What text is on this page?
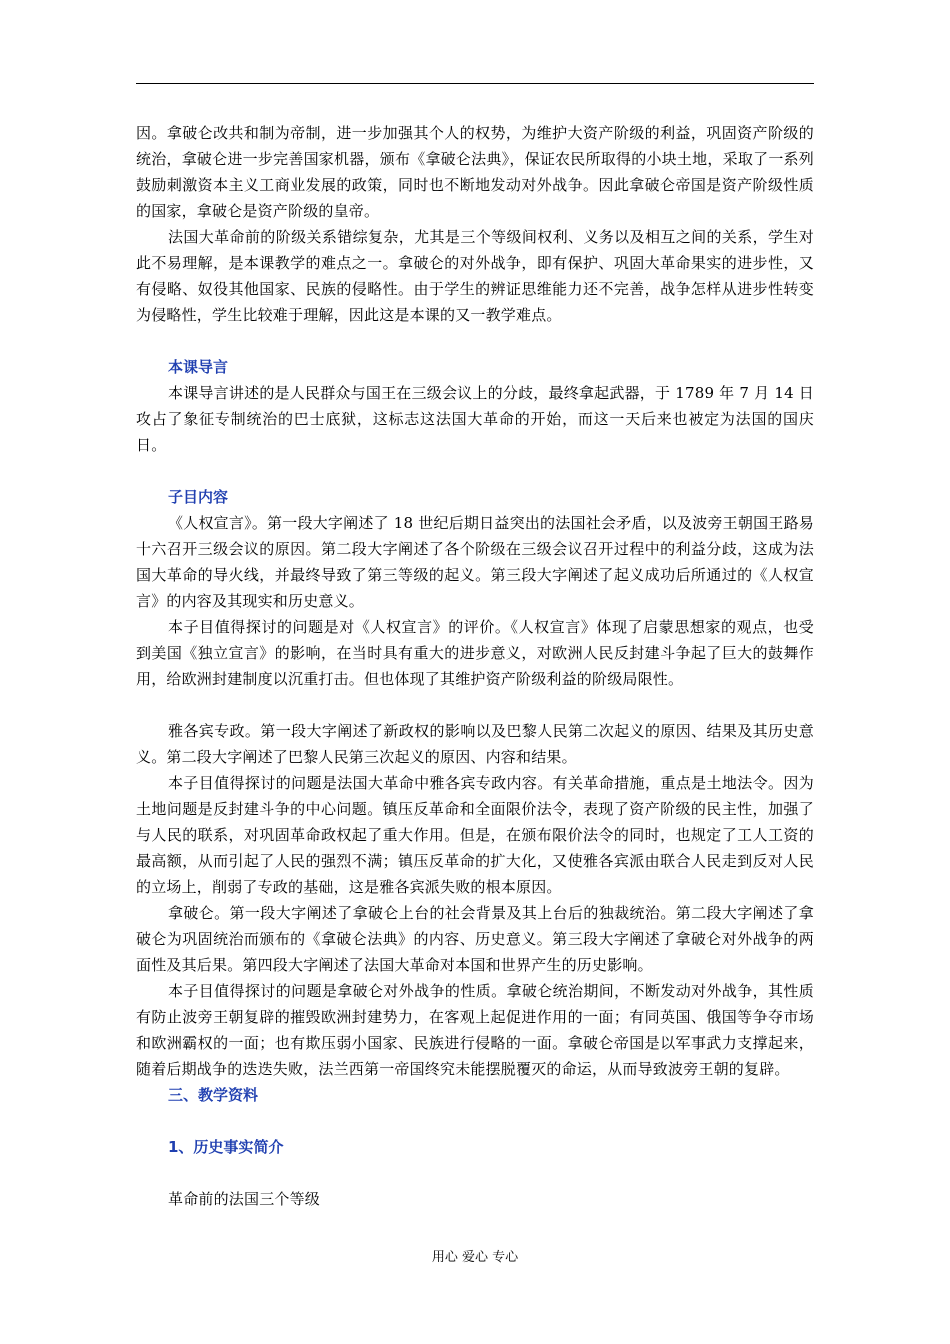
因。拿破仑改共和制为帝制，进一步加强其个人的权势，为维护大资产阶级的利益，巩固资产阶级的统治，拿破仑进一步完善国家机器，颁布《拿破仑法典》，保证农民所取得的小块土地，采取了一系列鼓励刺激资本主义工商业发展的政策，同时也不断地发动对外战争。因此拿破仑帝国是资产阶级性质的国家，拿破仑是资产阶级的皇帝。

法国大革命前的阶级关系错综复杂，尤其是三个等级间权利、义务以及相互之间的关系，学生对此不易理解，是本课教学的难点之一。拿破仑的对外战争，即有保护、巩固大革命果实的进步性，又有侵略、奴役其他国家、民族的侵略性。由于学生的辨证思维能力还不完善，战争怎样从进步性转变为侵略性，学生比较难于理解，因此这是本课的又一教学难点。

本课导言

本课导言讲述的是人民群众与国王在三级会议上的分歧，最终拿起武器，于 1789 年 7 月 14 日攻占了象征专制统治的巴士底狱，这标志这法国大革命的开始，而这一天后来也被定为法国的国庆日。

子目内容

《人权宣言》。第一段大字阐述了 18 世纪后期日益突出的法国社会矛盾，以及波旁王朝国王路易十六召开三级会议的原因。第二段大字阐述了各个阶级在三级会议召开过程中的利益分歧，这成为法国大革命的导火线，并最终导致了第三等级的起义。第三段大字阐述了起义成功后所通过的《人权宣言》的内容及其现实和历史意义。

本子目值得探讨的问题是对《人权宣言》的评价。《人权宣言》体现了启蒙思想家的观点，也受到美国《独立宣言》的影响，在当时具有重大的进步意义，对欧洲人民反封建斗争起了巨大的鼓舞作用，给欧洲封建制度以沉重打击。但也体现了其维护资产阶级利益的阶级局限性。

雅各宾专政。第一段大字阐述了新政权的影响以及巴黎人民第二次起义的原因、结果及其历史意义。第二段大字阐述了巴黎人民第三次起义的原因、内容和结果。

本子目值得探讨的问题是法国大革命中雅各宾专政内容。有关革命措施，重点是土地法令。因为土地问题是反封建斗争的中心问题。镇压反革命和全面限价法令，表现了资产阶级的民主性，加强了与人民的联系，对巩固革命政权起了重大作用。但是，在颁布限价法令的同时，也规定了工人工资的最高额，从而引起了人民的强烈不满；镇压反革命的扩大化，又使雅各宾派由联合人民走到反对人民的立场上，削弱了专政的基础，这是雅各宾派失败的根本原因。

拿破仑。第一段大字阐述了拿破仑上台的社会背景及其上台后的独裁统治。第二段大字阐述了拿破仑为巩固统治而颁布的《拿破仑法典》的内容、历史意义。第三段大字阐述了拿破仑对外战争的两面性及其后果。第四段大字阐述了法国大革命对本国和世界产生的历史影响。

本子目值得探讨的问题是拿破仑对外战争的性质。拿破仑统治期间，不断发动对外战争，其性质有防止波旁王朝复辟的摧毁欧洲封建势力，在客观上起促进作用的一面；有同英国、俄国等争夺市场和欧洲霸权的一面；也有欺压弱小国家、民族进行侵略的一面。拿破仑帝国是以军事武力支撑起来，随着后期战争的迭迭失败，法兰西第一帝国终究未能摆脱覆灭的命运，从而导致波旁王朝的复辟。

三、教学资料

1、历史事实简介

革命前的法国三个等级

用心 爱心 专心
